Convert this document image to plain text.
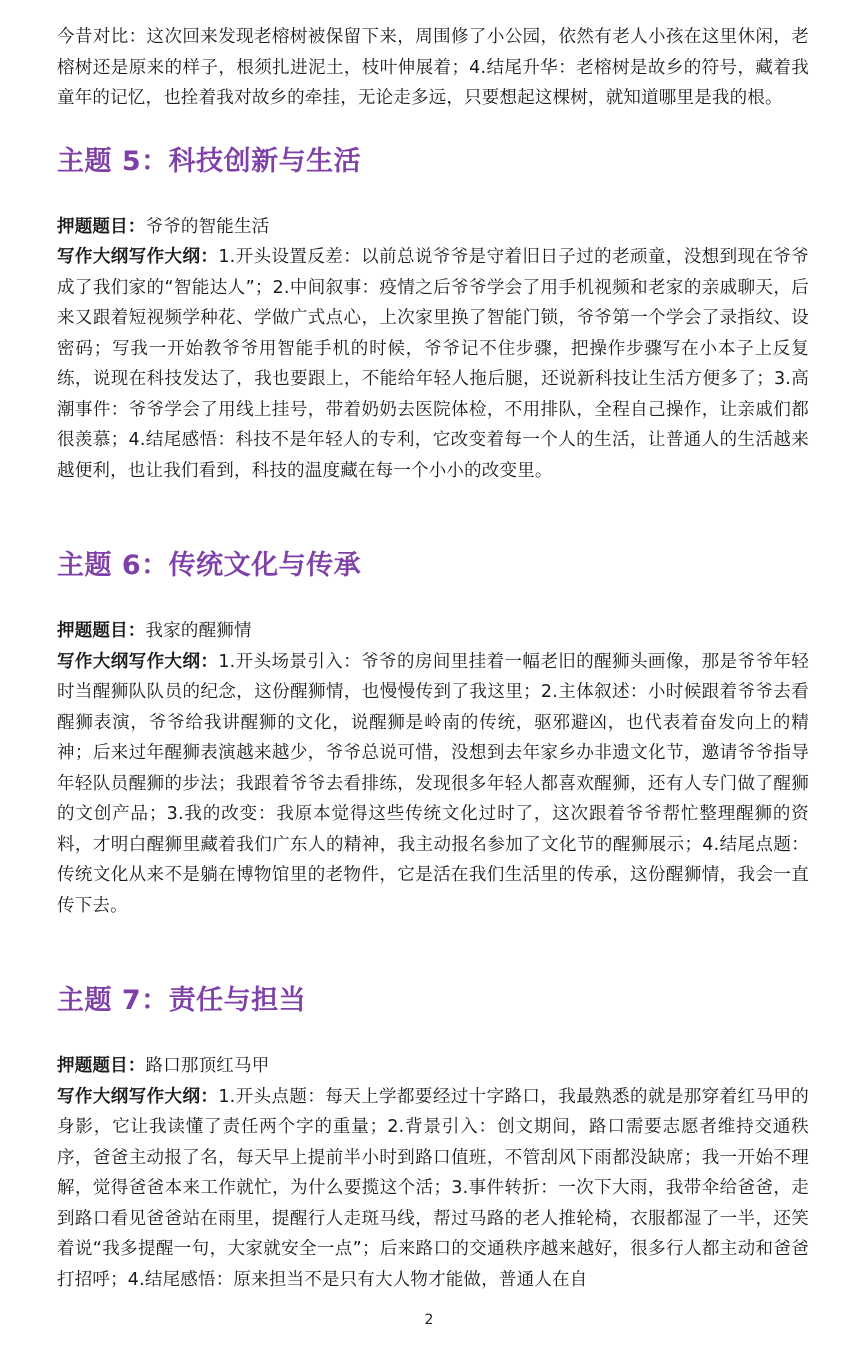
今昔对比：这次回来发现老榕树被保留下来，周围修了小公园，依然有老人小孩在这里休闲，老榕树还是原来的样子，根须扎进泥土，枝叶伸展着；4.结尾升华：老榕树是故乡的符号，藏着我童年的记忆，也拴着我对故乡的牵挂，无论走多远，只要想起这棵树，就知道哪里是我的根。

主题 5：科技创新与生活

押题题目：爷爷的智能生活

写作大纲写作大纲：1.开头设置反差：以前总说爷爷是守着旧日子过的老顽童，没想到现在爷爷成了我们家的“智能达人”；2.中间叙事：疫情之后爷爷学会了用手机视频和老家的亲戚聊天，后来又跟着短视频学种花、学做广式点心，上次家里换了智能门锁，爷爷第一个学会了录指纹、设密码；写我一开始教爷爷用智能手机的时候，爷爷记不住步骤，把操作步骤写在小本子上反复练，说现在科技发达了，我也要跟上，不能给年轻人拖后腿，还说新科技让生活方便多了；3.高潮事件：爷爷学会了用线上挂号，带着奶奶去医院体检，不用排队，全程自己操作，让亲戚们都很羡慕；4.结尾感悟：科技不是年轻人的专利，它改变着每一个人的生活，让普通人的生活越来越便利，也让我们看到，科技的温度藏在每一个小小的改变里。

主题 6：传统文化与传承

押题题目：我家的醒狮情

写作大纲写作大纲：1.开头场景引入：爷爷的房间里挂着一幅老旧的醒狮头画像，那是爷爷年轻时当醒狮队队员的纪念，这份醒狮情，也慢慢传到了我这里；2.主体叙述：小时候跟着爷爷去看醒狮表演，爷爷给我讲醒狮的文化，说醒狮是岭南的传统，驱邪避凶，也代表着奋发向上的精神；后来过年醒狮表演越来越少，爷爷总说可惜，没想到去年家乡办非遗文化节，邀请爷爷指导年轻队员醒狮的步法；我跟着爷爷去看排练，发现很多年轻人都喜欢醒狮，还有人专门做了醒狮的文创产品；3.我的改变：我原本觉得这些传统文化过时了，这次跟着爷爷帮忙整理醒狮的资料，才明白醒狮里藏着我们广东人的精神，我主动报名参加了文化节的醒狮展示；4.结尾点题：传统文化从来不是躺在博物馆里的老物件，它是活在我们生活里的传承，这份醒狮情，我会一直传下去。

主题 7：责任与担当

押题题目：路口那顶红马甲

写作大纲写作大纲：1.开头点题：每天上学都要经过十字路口，我最熟悉的就是那穿着红马甲的身影，它让我读懂了责任两个字的重量；2.背景引入：创文期间，路口需要志愿者维持交通秩序，爸爸主动报了名，每天早上提前半小时到路口值班，不管刮风下雨都没缺席；我一开始不理解，觉得爸爸本来工作就忙，为什么要揽这个活；3.事件转折：一次下大雨，我带伞给爸爸，走到路口看见爸爸站在雨里，提醒行人走斑马线，帮过马路的老人推轮椅，衣服都湿了一半，还笑着说“我多提醒一句，大家就安全一点”；后来路口的交通秩序越来越好，很多行人都主动和爸爸打招呼；4.结尾感悟：原来担当不是只有大人物才能做，普通人在自

2
